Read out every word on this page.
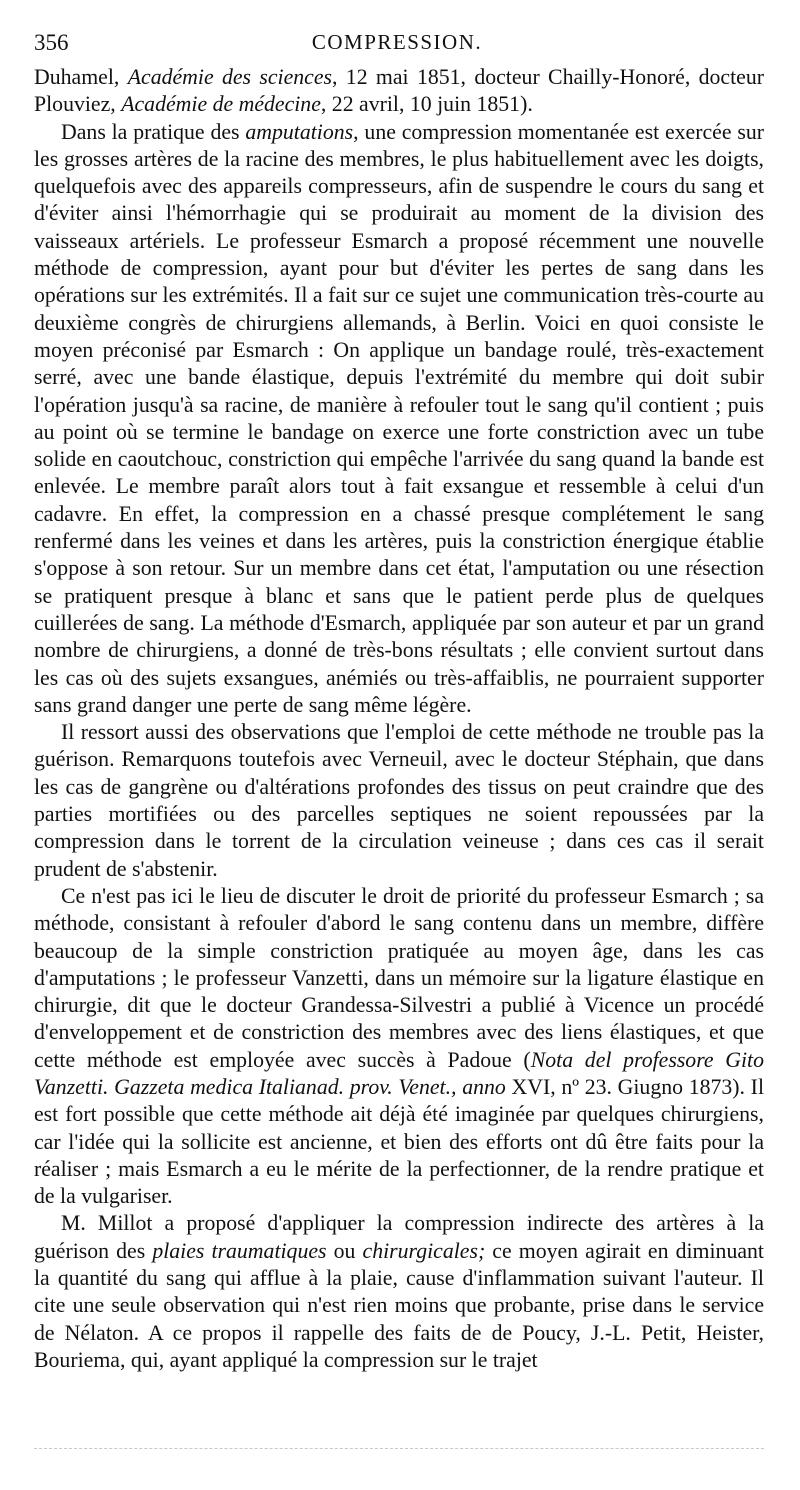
356	COMPRESSION.

Duhamel, Académie des sciences, 12 mai 1851, docteur Chailly-Honoré, docteur Plouviez, Académie de médecine, 22 avril, 10 juin 1851).

Dans la pratique des amputations, une compression momentanée est exercée sur les grosses artères de la racine des membres, le plus habituellement avec les doigts, quelquefois avec des appareils compresseurs, afin de suspendre le cours du sang et d'éviter ainsi l'hémorrhagie qui se produirait au moment de la division des vaisseaux artériels. Le professeur Esmarch a proposé récemment une nouvelle méthode de compression, ayant pour but d'éviter les pertes de sang dans les opérations sur les extrémités. Il a fait sur ce sujet une communication très-courte au deuxième congrès de chirurgiens allemands, à Berlin. Voici en quoi consiste le moyen préconisé par Esmarch : On applique un bandage roulé, très-exactement serré, avec une bande élastique, depuis l'extrémité du membre qui doit subir l'opération jusqu'à sa racine, de manière à refouler tout le sang qu'il contient ; puis au point où se termine le bandage on exerce une forte constriction avec un tube solide en caoutchouc, constriction qui empêche l'arrivée du sang quand la bande est enlevée. Le membre paraît alors tout à fait exsangue et ressemble à celui d'un cadavre. En effet, la compression en a chassé presque complétement le sang renfermé dans les veines et dans les artères, puis la constriction énergique établie s'oppose à son retour. Sur un membre dans cet état, l'amputation ou une résection se pratiquent presque à blanc et sans que le patient perde plus de quelques cuillerées de sang. La méthode d'Esmarch, appliquée par son auteur et par un grand nombre de chirurgiens, a donné de très-bons résultats ; elle convient surtout dans les cas où des sujets exsangues, anémiés ou très-affaiblis, ne pourraient supporter sans grand danger une perte de sang même légère.

Il ressort aussi des observations que l'emploi de cette méthode ne trouble pas la guérison. Remarquons toutefois avec Verneuil, avec le docteur Stéphain, que dans les cas de gangrène ou d'altérations profondes des tissus on peut craindre que des parties mortifiées ou des parcelles septiques ne soient repoussées par la compression dans le torrent de la circulation veineuse ; dans ces cas il serait prudent de s'abstenir.

Ce n'est pas ici le lieu de discuter le droit de priorité du professeur Esmarch ; sa méthode, consistant à refouler d'abord le sang contenu dans un membre, diffère beaucoup de la simple constriction pratiquée au moyen âge, dans les cas d'amputations ; le professeur Vanzetti, dans un mémoire sur la ligature élastique en chirurgie, dit que le docteur Grandessa-Silvestri a publié à Vicence un procédé d'enveloppement et de constriction des membres avec des liens élastiques, et que cette méthode est employée avec succès à Padoue (Nota del professore Gito Vanzetti. Gazzeta medica Italianad. prov. Venet., anno XVI, nº 23. Giugno 1873). Il est fort possible que cette méthode ait déjà été imaginée par quelques chirurgiens, car l'idée qui la sollicite est ancienne, et bien des efforts ont dû être faits pour la réaliser ; mais Esmarch a eu le mérite de la perfectionner, de la rendre pratique et de la vulgariser.

M. Millot a proposé d'appliquer la compression indirecte des artères à la guérison des plaies traumatiques ou chirurgicales; ce moyen agirait en diminuant la quantité du sang qui afflue à la plaie, cause d'inflammation suivant l'auteur. Il cite une seule observation qui n'est rien moins que probante, prise dans le service de Nélaton. A ce propos il rappelle des faits de de Poucy, J.-L. Petit, Heister, Bouriema, qui, ayant appliqué la compression sur le trajet
